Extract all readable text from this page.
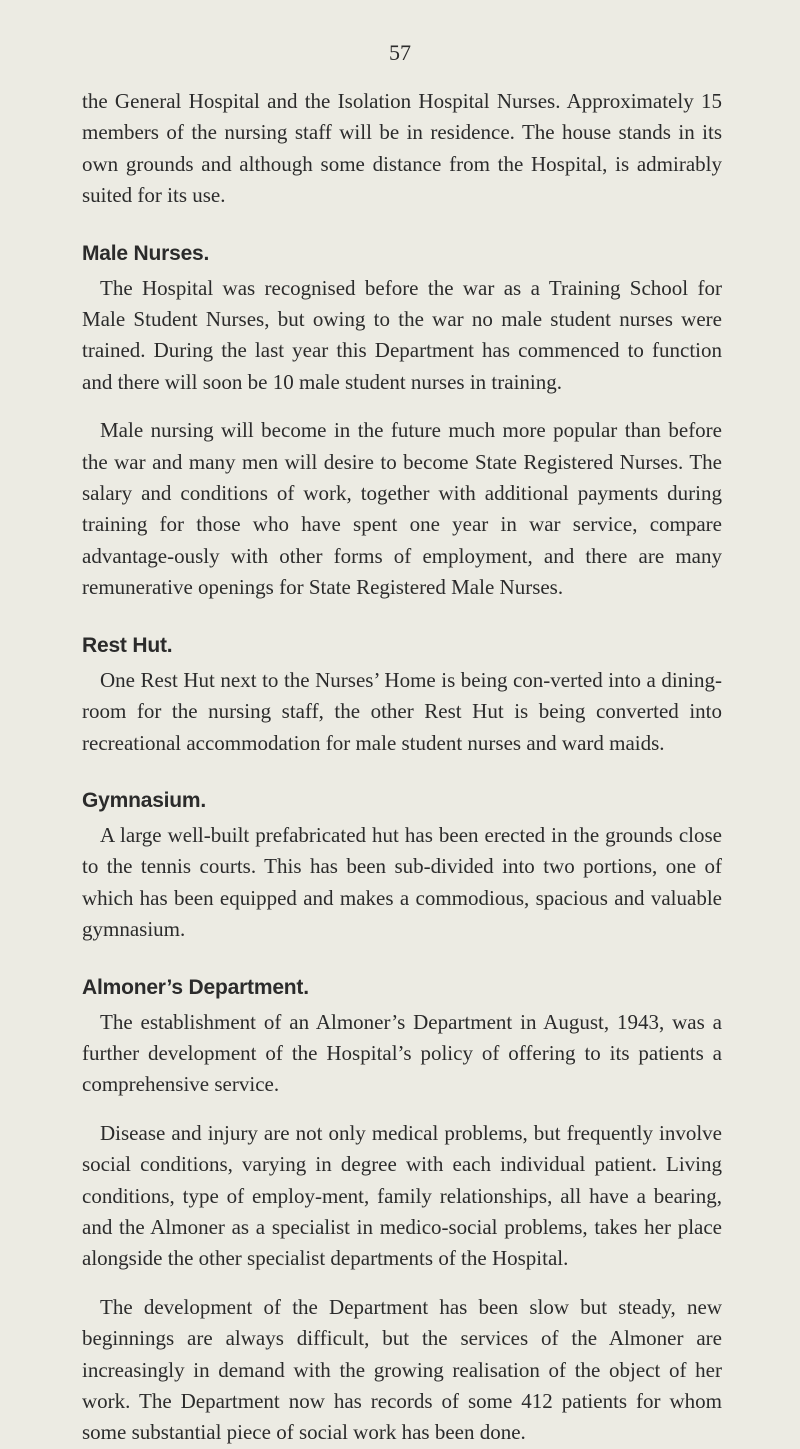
57

the General Hospital and the Isolation Hospital Nurses. Approximately 15 members of the nursing staff will be in residence. The house stands in its own grounds and although some distance from the Hospital, is admirably suited for its use.

Male Nurses.

The Hospital was recognised before the war as a Training School for Male Student Nurses, but owing to the war no male student nurses were trained. During the last year this Department has commenced to function and there will soon be 10 male student nurses in training.

Male nursing will become in the future much more popular than before the war and many men will desire to become State Registered Nurses. The salary and conditions of work, together with additional payments during training for those who have spent one year in war service, compare advantage-ously with other forms of employment, and there are many remunerative openings for State Registered Male Nurses.

Rest Hut.

One Rest Hut next to the Nurses’ Home is being con-verted into a dining-room for the nursing staff, the other Rest Hut is being converted into recreational accommodation for male student nurses and ward maids.

Gymnasium.

A large well-built prefabricated hut has been erected in the grounds close to the tennis courts. This has been sub-divided into two portions, one of which has been equipped and makes a commodious, spacious and valuable gymnasium.

Almoner’s Department.

The establishment of an Almoner’s Department in August, 1943, was a further development of the Hospital’s policy of offering to its patients a comprehensive service.

Disease and injury are not only medical problems, but frequently involve social conditions, varying in degree with each individual patient. Living conditions, type of employ-ment, family relationships, all have a bearing, and the Almoner as a specialist in medico-social problems, takes her place alongside the other specialist departments of the Hospital.

The development of the Department has been slow but steady, new beginnings are always difficult, but the services of the Almoner are increasingly in demand with the growing realisation of the object of her work. The Department now has records of some 412 patients for whom some substantial piece of social work has been done.
